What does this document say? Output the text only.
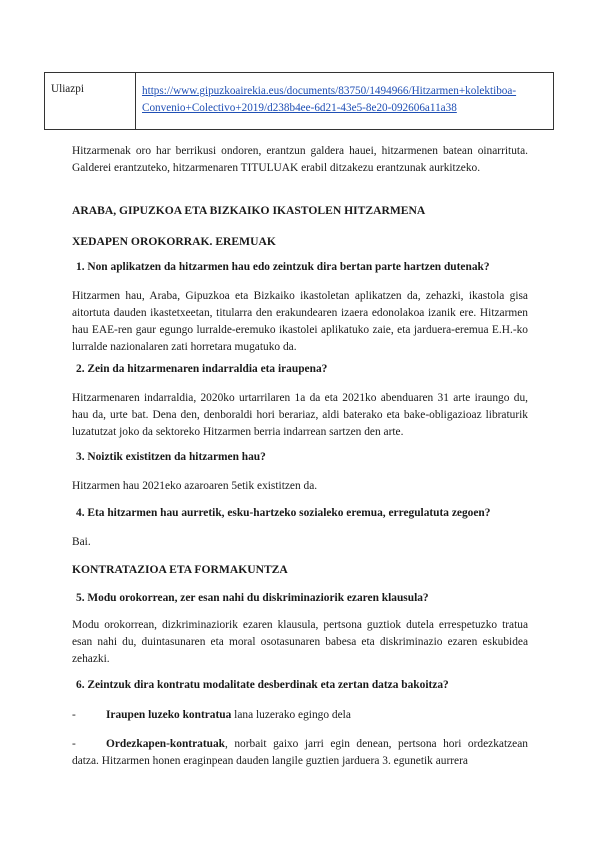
Uliazpi	https://www.gipuzkoairekia.eus/documents/83750/1494966/Hitzarmen+kolektiboa-
Convenio+Colectivo+2019/d238b4ee-6d21-43e5-8e20-092606a11a38

Hitzarmenak oro har berrikusi ondoren, erantzun galdera hauei, hitzarmenen batean oinarrituta. Galderei erantzuteko, hitzarmenaren TITULUAK erabil ditzakezu erantzunak aurkitzeko.

ARABA, GIPUZKOA ETA BIZKAIKO IKASTOLEN HITZARMENA

XEDAPEN OROKORRAK. EREMUAK

1. Non aplikatzen da hitzarmen hau edo zeintzuk dira bertan parte hartzen dutenak?

Hitzarmen hau, Araba, Gipuzkoa eta Bizkaiko ikastoletan aplikatzen da, zehazki, ikastola gisa aitortuta dauden ikastetxeetan, titularra den erakundearen izaera edonolakoa izanik ere. Hitzarmen hau EAE-ren gaur egungo lurralde-eremuko ikastolei aplikatuko zaie, eta jarduera-eremua E.H.-ko lurralde nazionalaren zati horretara mugatuko da.

2. Zein da hitzarmenaren indarraldia eta iraupena?

Hitzarmenaren indarraldia, 2020ko urtarrilaren 1a da eta 2021ko abenduaren 31 arte iraungo du, hau da, urte bat. Dena den, denboraldi hori berariaz, aldi baterako eta bake-obligazioaz libraturik luzatutzat joko da sektoreko Hitzarmen berria indarrean sartzen den arte.

3. Noiztik existitzen da hitzarmen hau?

Hitzarmen hau 2021eko azaroaren 5etik existitzen da.

4. Eta hitzarmen hau aurretik, esku-hartzeko sozialeko eremua, erregulatuta zegoen?

Bai.

KONTRATAZIOA ETA FORMAKUNTZA

5. Modu orokorrean, zer esan nahi du diskriminaziorik ezaren klausula?

Modu orokorrean, dizkriminaziorik ezaren klausula, pertsona guztiok dutela errespetuzko tratua esan nahi du, duintasunaren eta moral osotasunaren babesa eta diskriminazio ezaren eskubidea zehazki.

6. Zeintzuk dira kontratu modalitate desberdinak eta zertan datza bakoitza?

-	Iraupen luzeko kontratua lana luzerako egingo dela

-	Ordezkapen-kontratuak, norbait gaixo jarri egin denean, pertsona hori ordezkatzean datza. Hitzarmen honen eraginpean dauden langile guztien jarduera 3. egunetik aurrera
